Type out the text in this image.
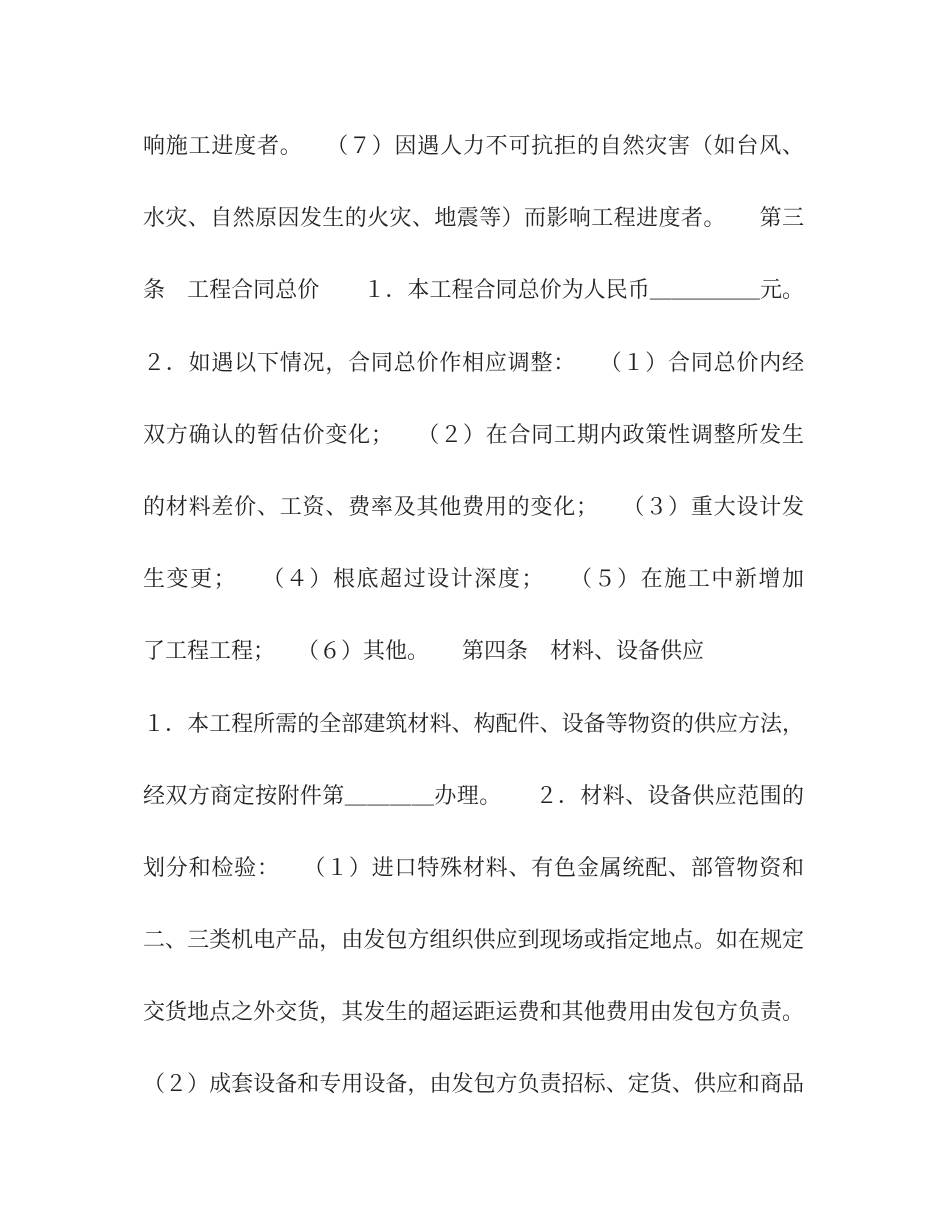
响施工进度者。　　（７）因遇人力不可抗拒的自然灾害（如台风、
水灾、自然原因发生的火灾、地震等）而影响工程进度者。　　第三
条　工程合同总价　　１．本工程合同总价为人民币＿＿＿＿＿元。
２．如遇以下情况，合同总价作相应调整：　　（１）合同总价内经
双方确认的暂估价变化；　　（２）在合同工期内政策性调整所发生
的材料差价、工资、费率及其他费用的变化；　　（３）重大设计发
生变更；　　（４）根底超过设计深度；　　（５）在施工中新增加
了工程工程；　　（６）其他。　　第四条　材料、设备供应
１．本工程所需的全部建筑材料、构配件、设备等物资的供应方法，
经双方商定按附件第＿＿＿＿办理。　　２．材料、设备供应范围的
划分和检验：　　（１）进口特殊材料、有色金属统配、部管物资和
二、三类机电产品，由发包方组织供应到现场或指定地点。如在规定
交货地点之外交货，其发生的超运距运费和其他费用由发包方负责。
（２）成套设备和专用设备，由发包方负责招标、定货、供应和商品
